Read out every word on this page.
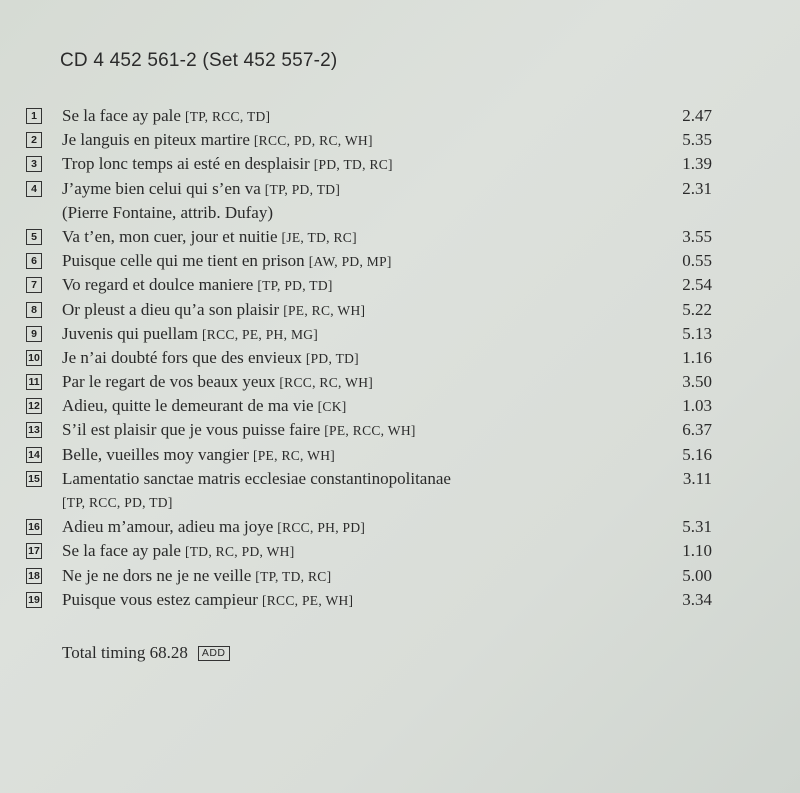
CD 4 452 561-2 (Set 452 557-2)
1 Se la face ay pale [TP, RCC, TD]	2.47
2 Je languis en piteux martire [RCC, PD, RC, WH]	5.35
3 Trop lonc temps ai esté en desplaisir [PD, TD, RC]	1.39
4 J’ayme bien celui qui s’en va [TP, PD, TD]	2.31
(Pierre Fontaine, attrib. Dufay)
5 Va t’en, mon cuer, jour et nuitie [JE, TD, RC]	3.55
6 Puisque celle qui me tient en prison [AW, PD, MP]	0.55
7 Vo regard et doulce maniere [TP, PD, TD]	2.54
8 Or pleust a dieu qu’a son plaisir [PE, RC, WH]	5.22
9 Juvenis qui puellam [RCC, PE, PH, MG]	5.13
10 Je n’ai doubté fors que des envieux [PD, TD]	1.16
11 Par le regart de vos beaux yeux [RCC, RC, WH]	3.50
12 Adieu, quitte le demeurant de ma vie [CK]	1.03
13 S’il est plaisir que je vous puisse faire [PE, RCC, WH]	6.37
14 Belle, vueilles moy vangier [PE, RC, WH]	5.16
15 Lamentatio sanctae matris ecclesiae constantinopolitanae	3.11
[TP, RCC, PD, TD]
16 Adieu m’amour, adieu ma joye [RCC, PH, PD]	5.31
17 Se la face ay pale [TD, RC, PD, WH]	1.10
18 Ne je ne dors ne je ne veille [TP, TD, RC]	5.00
19 Puisque vous estez campieur [RCC, PE, WH]	3.34
Total timing 68.28 ADD
